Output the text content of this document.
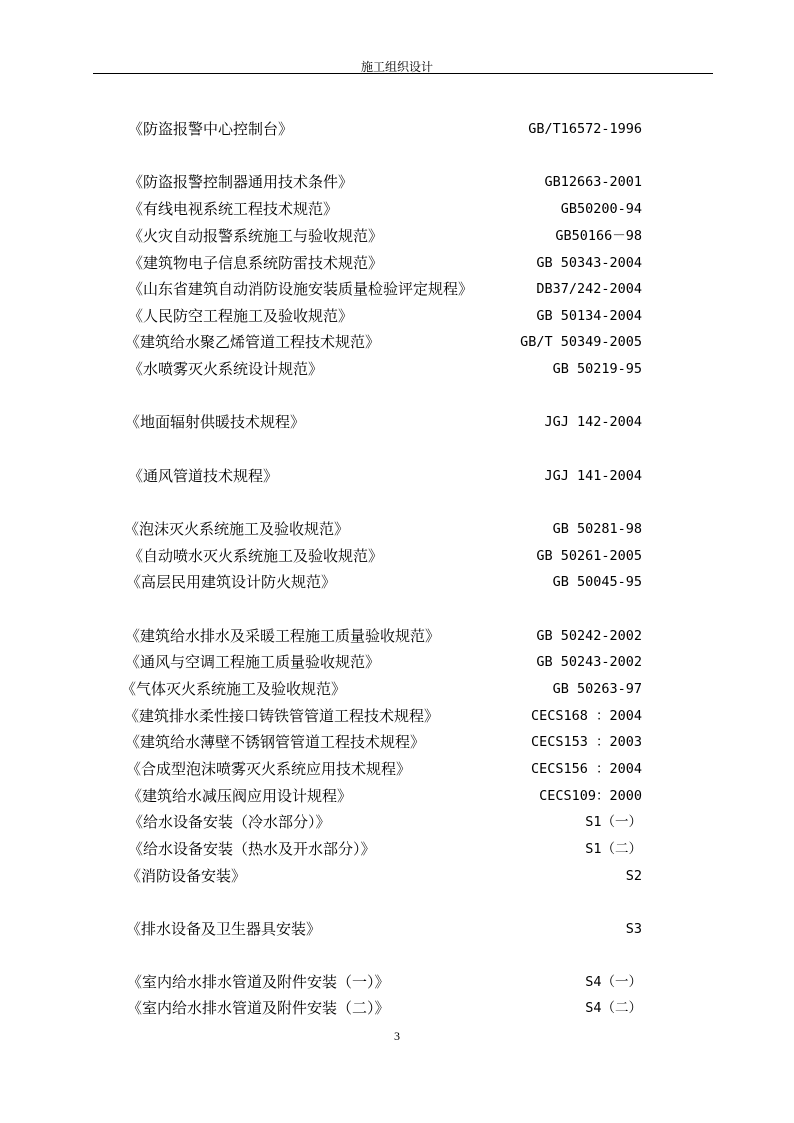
施工组织设计
《防盗报警中心控制台》	GB/T16572-1996
《防盗报警控制器通用技术条件》	GB12663-2001
《有线电视系统工程技术规范》	GB50200-94
《火灾自动报警系统施工与验收规范》	GB50166－98
《建筑物电子信息系统防雷技术规范》	GB 50343-2004
《山东省建筑自动消防设施安装质量检验评定规程》	DB37/242-2004
《人民防空工程施工及验收规范》	GB 50134-2004
《建筑给水聚乙烯管道工程技术规范》	GB/T 50349-2005
《水喷雾灭火系统设计规范》	GB 50219-95
《地面辐射供暖技术规程》	JGJ 142-2004
《通风管道技术规程》	JGJ 141-2004
《泡沫灭火系统施工及验收规范》	GB 50281-98
《自动喷水灭火系统施工及验收规范》	GB 50261-2005
《高层民用建筑设计防火规范》	GB 50045-95
《建筑给水排水及采暖工程施工质量验收规范》	GB 50242-2002
《通风与空调工程施工质量验收规范》	GB 50243-2002
《气体灭火系统施工及验收规范》	GB 50263-97
《建筑排水柔性接口铸铁管管道工程技术规程》	CECS168 ：2004
《建筑给水薄壁不锈钢管管道工程技术规程》	CECS153 ：2003
《合成型泡沫喷雾灭火系统应用技术规程》	CECS156 ：2004
《建筑给水减压阀应用设计规程》	CECS109：2000
《给水设备安装（冷水部分）》	S1（一）
《给水设备安装（热水及开水部分）》	S1（二）
《消防设备安装》	S2
《排水设备及卫生器具安装》	S3
《室内给水排水管道及附件安装（一）》	S4（一）
《室内给水排水管道及附件安装（二）》	S4（二）
3
